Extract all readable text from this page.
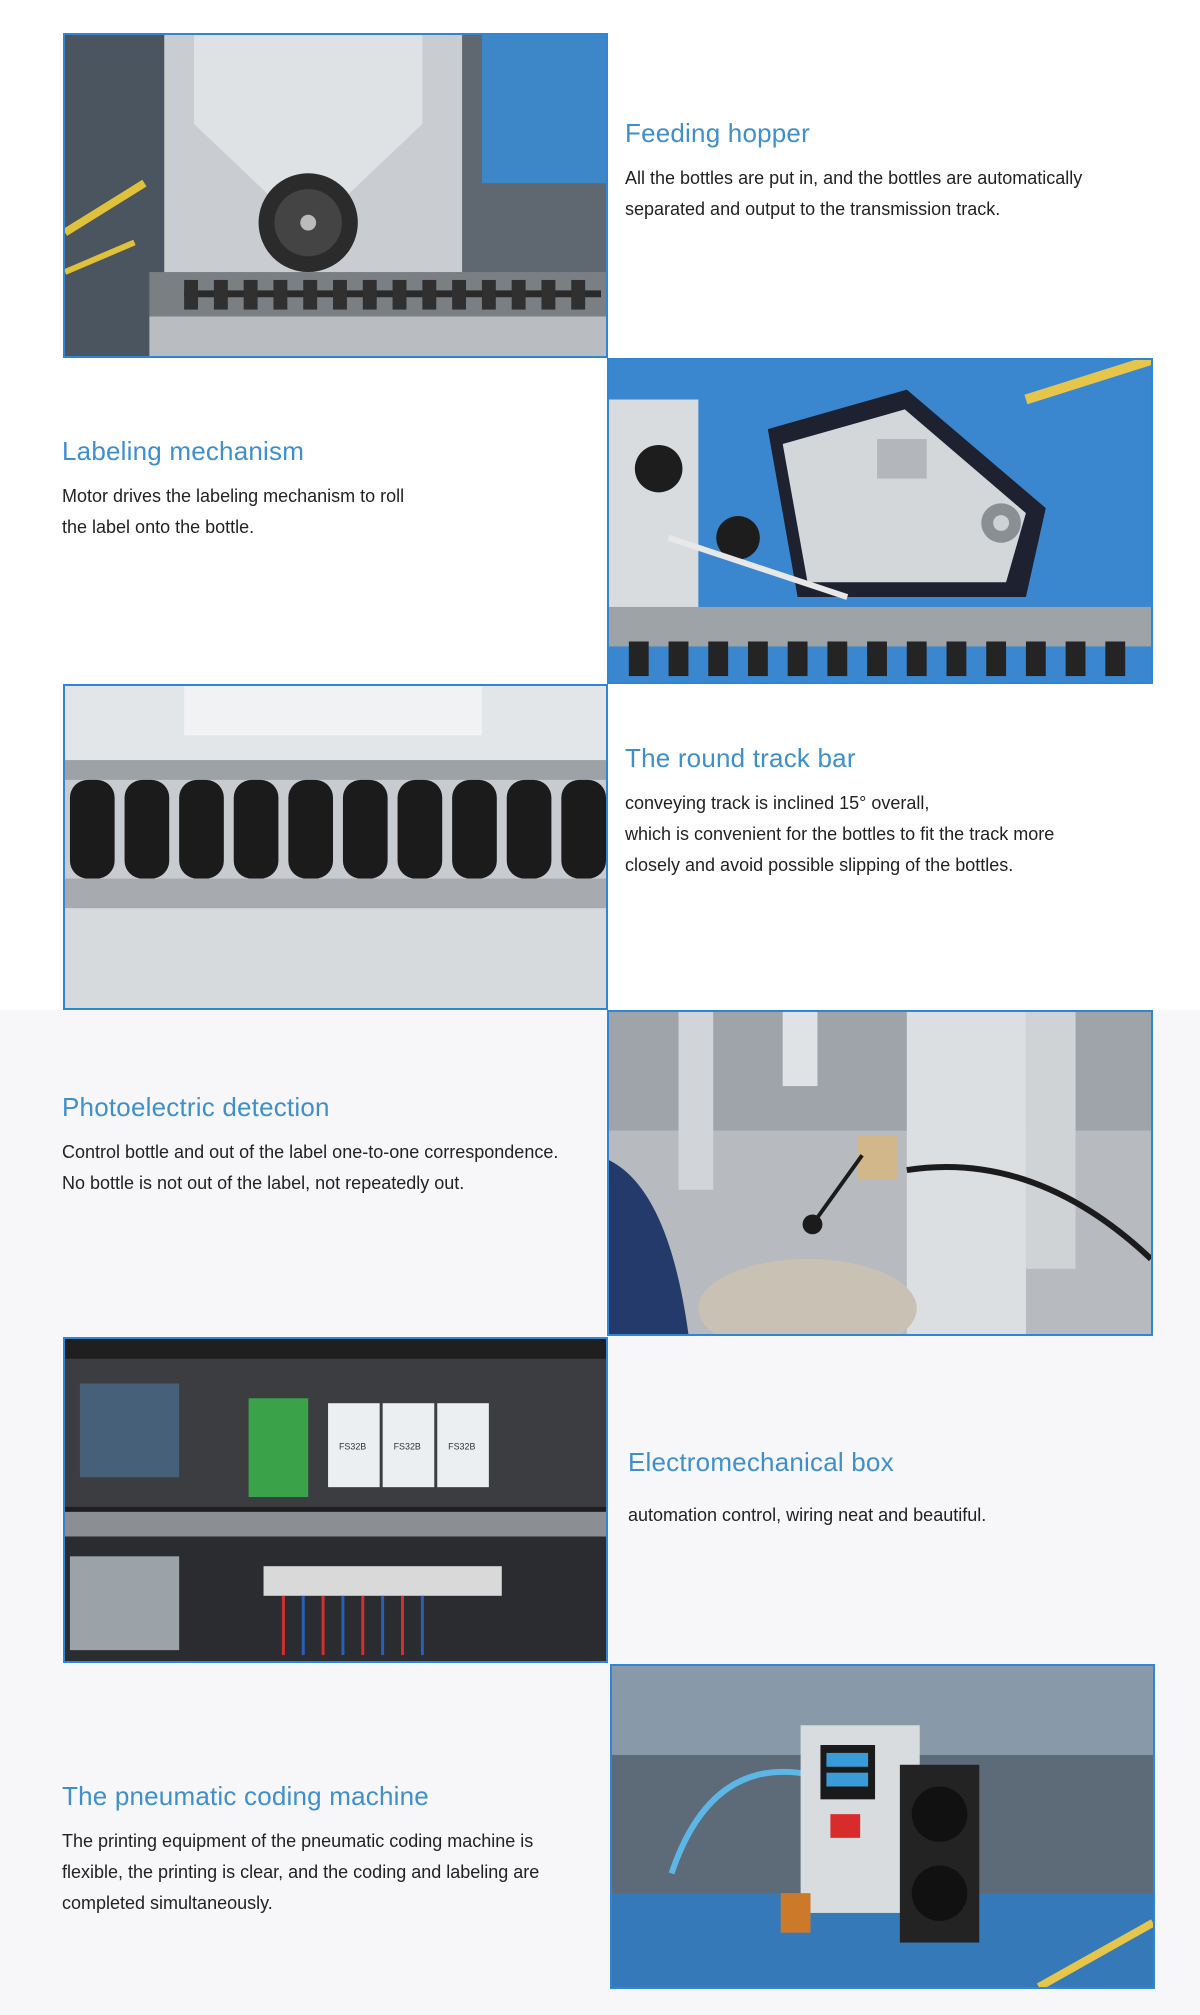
Feeding hopper

All the bottles are put in, and the bottles are automatically
separated and output to the transmission track.

Labeling mechanism

Motor drives the labeling mechanism to roll
the label onto the bottle.

The round track bar

conveying track is inclined 15° overall,
which is convenient for the bottles to fit the track more
closely and avoid possible slipping of the bottles.

Photoelectric detection

Control bottle and out of the label one-to-one correspondence.
No bottle is not out of the label, not repeatedly out.

FS32B	FS32B	FS32B
Electromechanical box

automation control, wiring neat and beautiful.

The pneumatic coding machine

The printing equipment of the pneumatic coding machine is
flexible, the printing is clear, and the coding and labeling are
completed simultaneously.
